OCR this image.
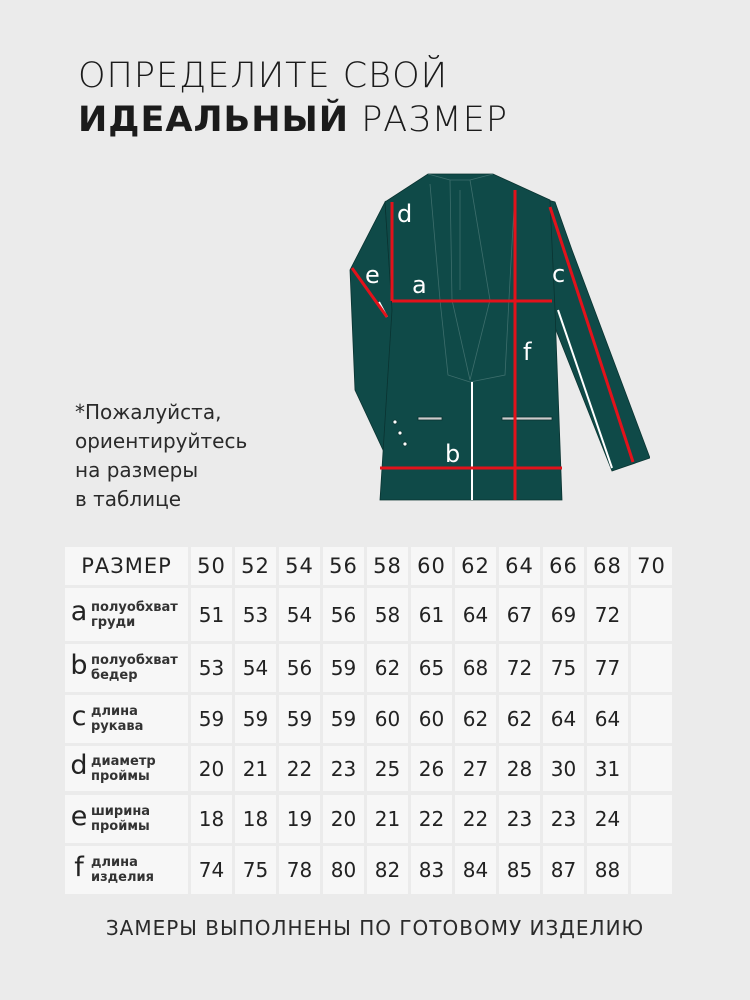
ОПРЕДЕЛИТЕ СВОЙ
ИДЕАЛЬНЫЙ РАЗМЕР
*Пожалуйста,
ориентируйтесь
на размеры
в таблице
d
e a	c
f
b
РАЗМЕР	50 52 54 56 58 60 62 64 66 68 70
a полуобхват
груди	51 53 54 56 58 61 64 67 69 72
b полуобхват
бедер	53 54 56 59 62 65 68 72 75 77
c длина
рукава	59 59 59 59 60 60 62 62 64 64
d диаметр
проймы	20 21 22 23 25 26 27 28 30 31
e ширина
проймы	18 18 19 20 21 22 22 23 23 24
f длина
изделия	74 75 78 80 82 83 84 85 87 88
ЗАМЕРЫ ВЫПОЛНЕНЫ ПО ГОТОВОМУ ИЗДЕЛИЮ
